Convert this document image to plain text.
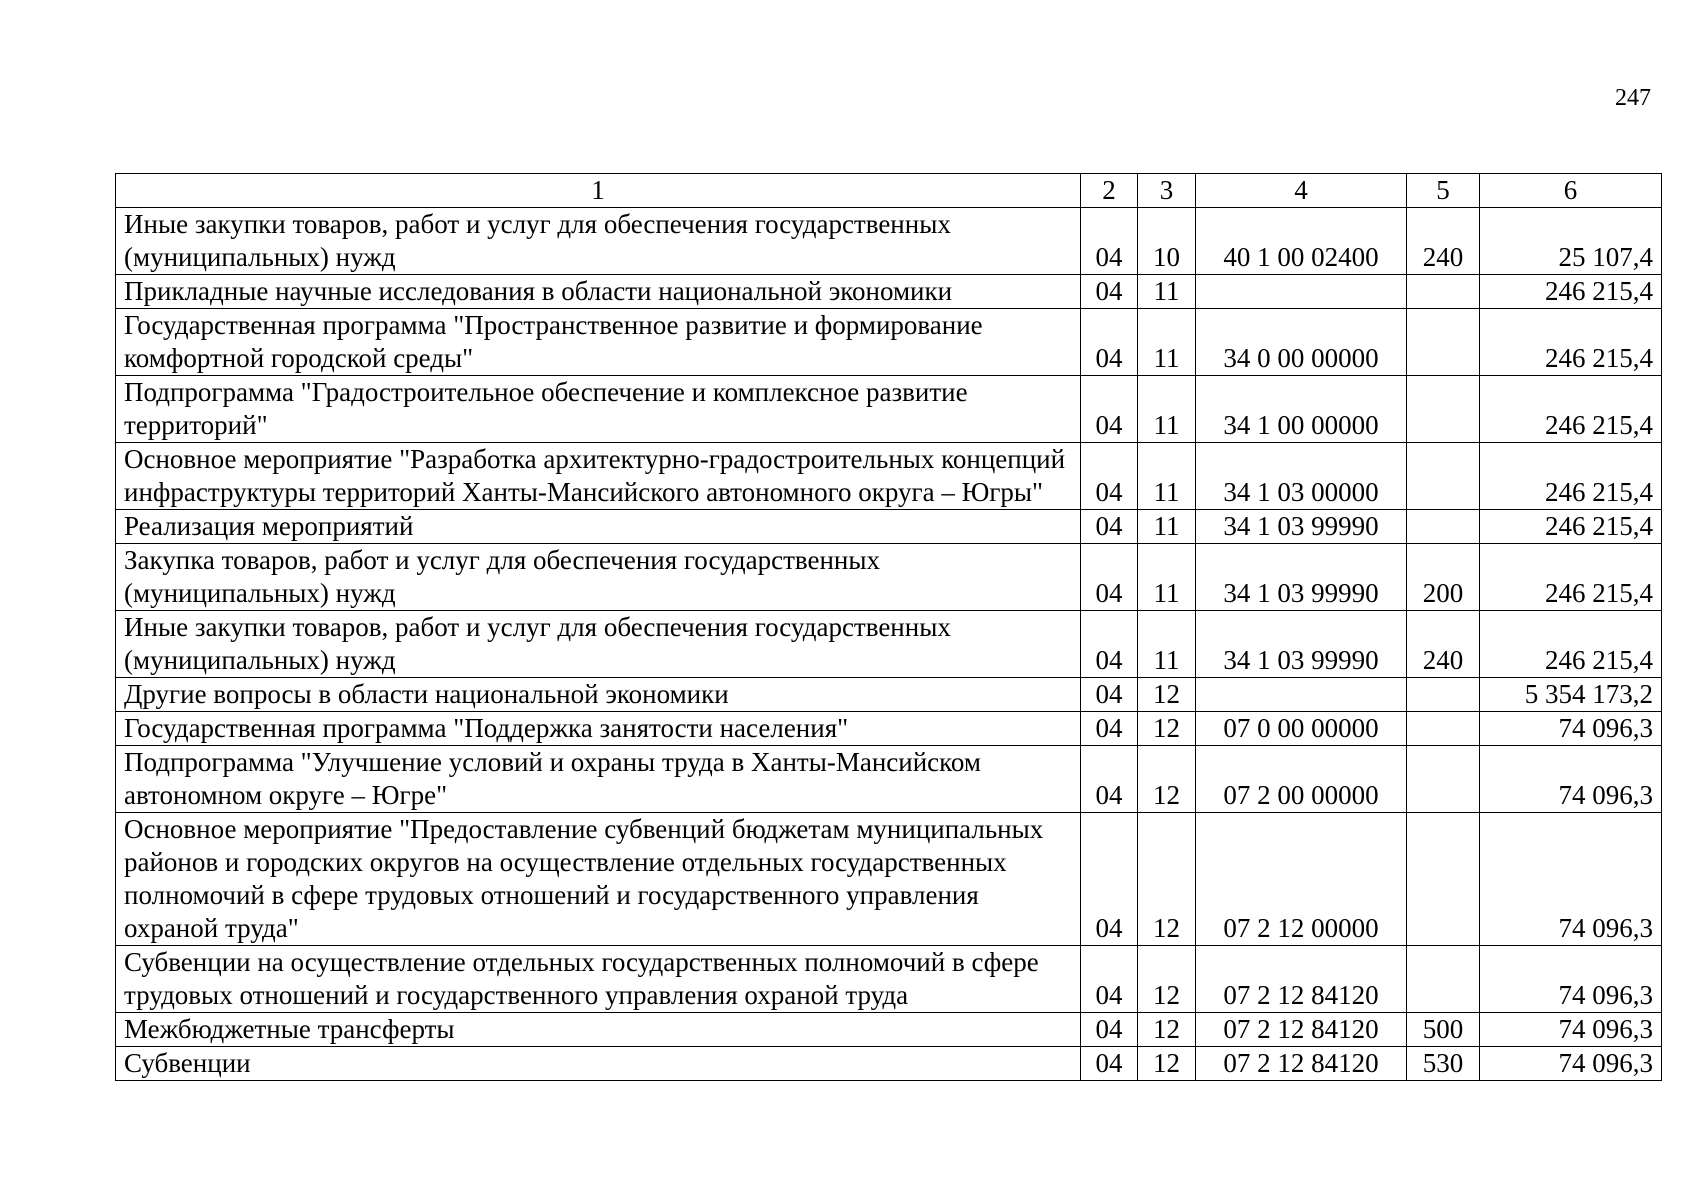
247
1	2	3	4	5	6
Иные закупки товаров, работ и услуг для обеспечения государственных (муниципальных) нужд	04	10	40 1 00 02400	240	25 107,4
Прикладные научные исследования в области национальной экономики	04	11			246 215,4
Государственная программа "Пространственное развитие и формирование комфортной городской среды"	04	11	34 0 00 00000		246 215,4
Подпрограмма "Градостроительное обеспечение и комплексное развитие территорий"	04	11	34 1 00 00000		246 215,4
Основное мероприятие "Разработка архитектурно-градостроительных концепций инфраструктуры территорий Ханты-Мансийского автономного округа – Югры"	04	11	34 1 03 00000		246 215,4
Реализация мероприятий	04	11	34 1 03 99990		246 215,4
Закупка товаров, работ и услуг для обеспечения государственных (муниципальных) нужд	04	11	34 1 03 99990	200	246 215,4
Иные закупки товаров, работ и услуг для обеспечения государственных (муниципальных) нужд	04	11	34 1 03 99990	240	246 215,4
Другие вопросы в области национальной экономики	04	12			5 354 173,2
Государственная программа "Поддержка занятости населения"	04	12	07 0 00 00000		74 096,3
Подпрограмма "Улучшение условий и охраны труда в Ханты-Мансийском автономном округе – Югре"	04	12	07 2 00 00000		74 096,3
Основное мероприятие "Предоставление субвенций бюджетам муниципальных районов и городских округов на осуществление отдельных государственных полномочий в сфере трудовых отношений и государственного управления охраной труда"	04	12	07 2 12 00000		74 096,3
Субвенции на осуществление отдельных государственных полномочий в сфере трудовых отношений и государственного управления охраной труда	04	12	07 2 12 84120		74 096,3
Межбюджетные трансферты	04	12	07 2 12 84120	500	74 096,3
Субвенции	04	12	07 2 12 84120	530	74 096,3
